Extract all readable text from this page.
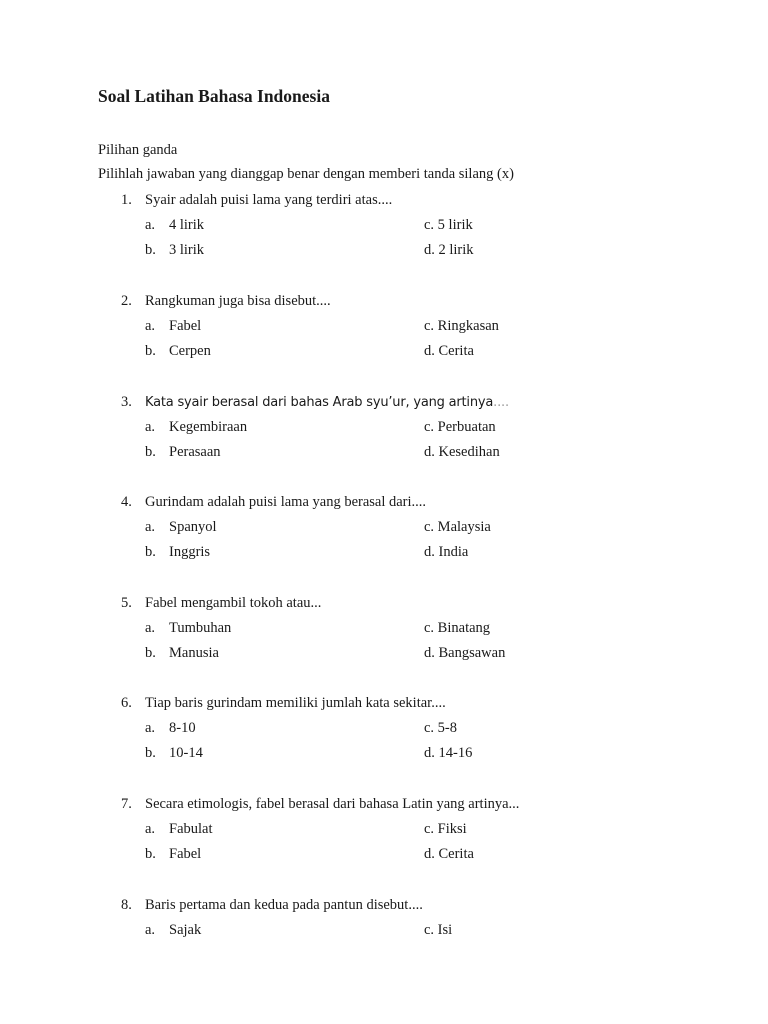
Soal Latihan Bahasa Indonesia
Pilihan ganda
Pilihlah jawaban yang dianggap benar dengan memberi tanda silang (x)
1. Syair adalah puisi lama yang terdiri atas....
a. 4 lirik
b. 3 lirik
c. 5 lirik
d. 2 lirik
2. Rangkuman juga bisa disebut....
a. Fabel
b. Cerpen
c. Ringkasan
d. Cerita
3. Kata syair berasal dari bahas Arab syu’ur, yang artinya....
a. Kegembiraan
b. Perasaan
c. Perbuatan
d. Kesedihan
4. Gurindam adalah puisi lama yang berasal dari....
a. Spanyol
b. Inggris
c. Malaysia
d. India
5. Fabel mengambil tokoh atau...
a. Tumbuhan
b. Manusia
c. Binatang
d. Bangsawan
6. Tiap baris gurindam memiliki jumlah kata sekitar....
a. 8-10
b. 10-14
c. 5-8
d. 14-16
7. Secara etimologis, fabel berasal dari bahasa Latin yang artinya...
a. Fabulat
b. Fabel
c. Fiksi
d. Cerita
8. Baris pertama dan kedua pada pantun disebut....
a. Sajak	c. Isi
